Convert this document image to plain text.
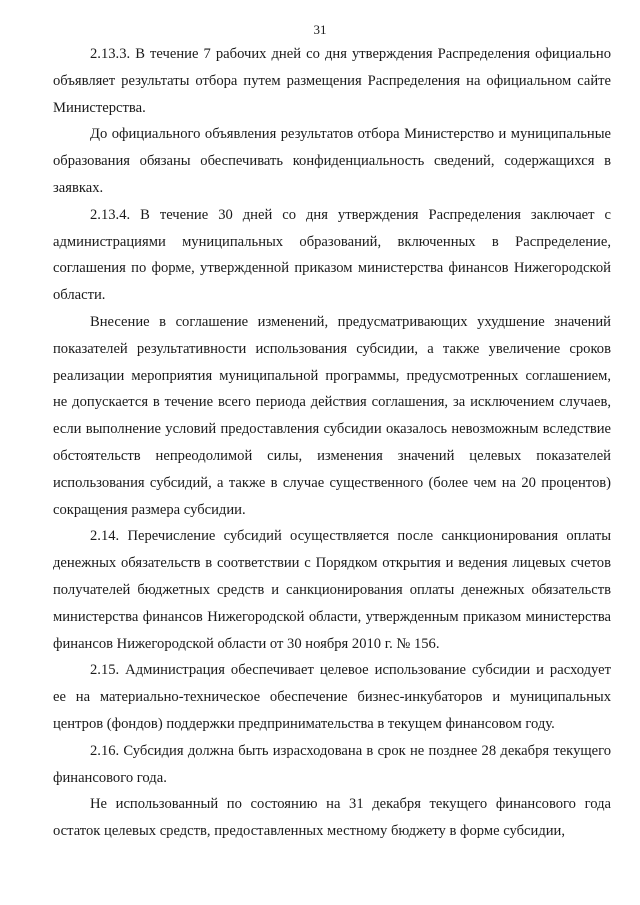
31

2.13.3. В течение 7 рабочих дней со дня утверждения Распределения официально объявляет результаты отбора путем размещения Распределения на официальном сайте Министерства.

До официального объявления результатов отбора Министерство и муниципальные образования обязаны обеспечивать конфиденциальность сведений, содержащихся в заявках.

2.13.4. В течение 30 дней со дня утверждения Распределения заключает с администрациями муниципальных образований, включенных в Распределение, соглашения по форме, утвержденной приказом министерства финансов Нижегородской области.

Внесение в соглашение изменений, предусматривающих ухудшение значений показателей результативности использования субсидии, а также увеличение сроков реализации мероприятия муниципальной программы, предусмотренных соглашением, не допускается в течение всего периода действия соглашения, за исключением случаев, если выполнение условий предоставления субсидии оказалось невозможным вследствие обстоятельств непреодолимой силы, изменения значений целевых показателей использования субсидий, а также в случае существенного (более чем на 20 процентов) сокращения размера субсидии.

2.14. Перечисление субсидий осуществляется после санкционирования оплаты денежных обязательств в соответствии с Порядком открытия и ведения лицевых счетов получателей бюджетных средств и санкционирования оплаты денежных обязательств министерства финансов Нижегородской области, утвержденным приказом министерства финансов Нижегородской области от 30 ноября 2010 г. № 156.

2.15. Администрация обеспечивает целевое использование субсидии и расходует ее на материально-техническое обеспечение бизнес-инкубаторов и муниципальных центров (фондов) поддержки предпринимательства в текущем финансовом году.

2.16. Субсидия должна быть израсходована в срок не позднее 28 декабря текущего финансового года.

Не использованный по состоянию на 31 декабря текущего финансового года остаток целевых средств, предоставленных местному бюджету в форме субсидии,
